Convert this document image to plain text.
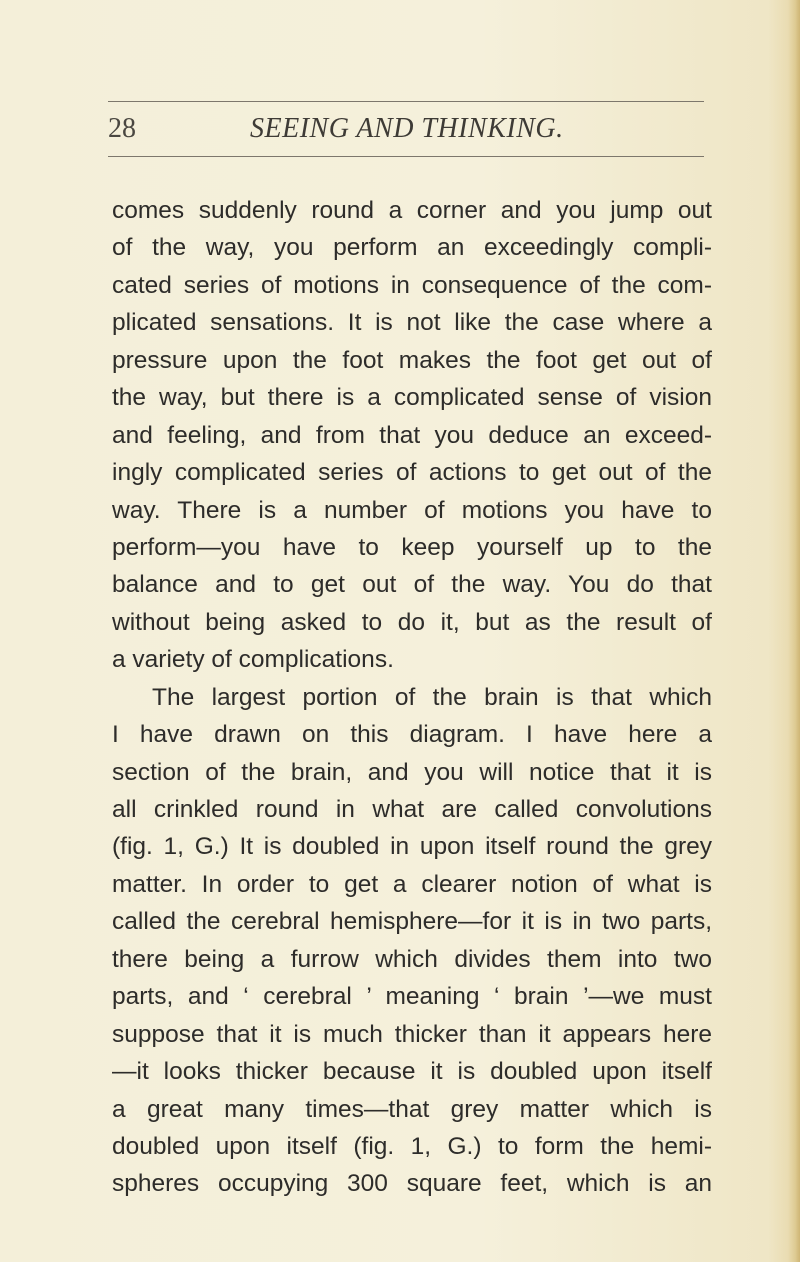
28	SEEING AND THINKING.
comes suddenly round a corner and you jump out
of the way, you perform an exceedingly compli-
cated series of motions in consequence of the com-
plicated sensations. It is not like the case where a
pressure upon the foot makes the foot get out of
the way, but there is a complicated sense of vision
and feeling, and from that you deduce an exceed-
ingly complicated series of actions to get out of the
way. There is a number of motions you have to
perform—you have to keep yourself up to the
balance and to get out of the way. You do that
without being asked to do it, but as the result of
a variety of complications.
The largest portion of the brain is that which
I have drawn on this diagram. I have here a
section of the brain, and you will notice that it is
all crinkled round in what are called convolutions
(fig. 1, G.) It is doubled in upon itself round the grey
matter. In order to get a clearer notion of what is
called the cerebral hemisphere—for it is in two parts,
there being a furrow which divides them into two
parts, and ‘ cerebral ’ meaning ‘ brain ’—we must
suppose that it is much thicker than it appears here
—it looks thicker because it is doubled upon itself
a great many times—that grey matter which is
doubled upon itself (fig. 1, G.) to form the hemi-
spheres occupying 300 square feet, which is an
